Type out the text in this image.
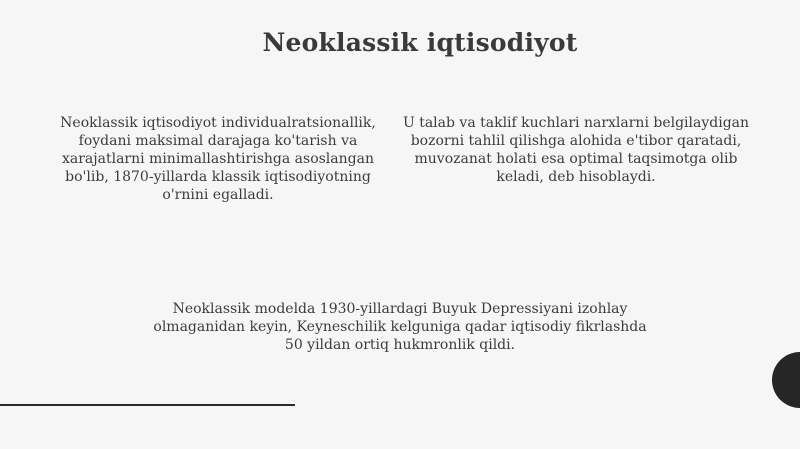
Neoklassik iqtisodiyot

Neoklassik iqtisodiyot individualratsionallik, foydani maksimal darajaga ko'tarish va xarajatlarni minimallashtirishga asoslangan bo'lib, 1870-yillarda klassik iqtisodiyotning o'rnini egalladi.

U talab va taklif kuchlari narxlarni belgilaydigan bozorni tahlil qilishga alohida e'tibor qaratadi, muvozanat holati esa optimal taqsimotga olib keladi, deb hisoblaydi.

Neoklassik modelda 1930-yillardagi Buyuk Depressiyani izohlay olmaganidan keyin, Keyneschilik kelguniga qadar iqtisodiy fikrlashda 50 yildan ortiq hukmronlik qildi.
